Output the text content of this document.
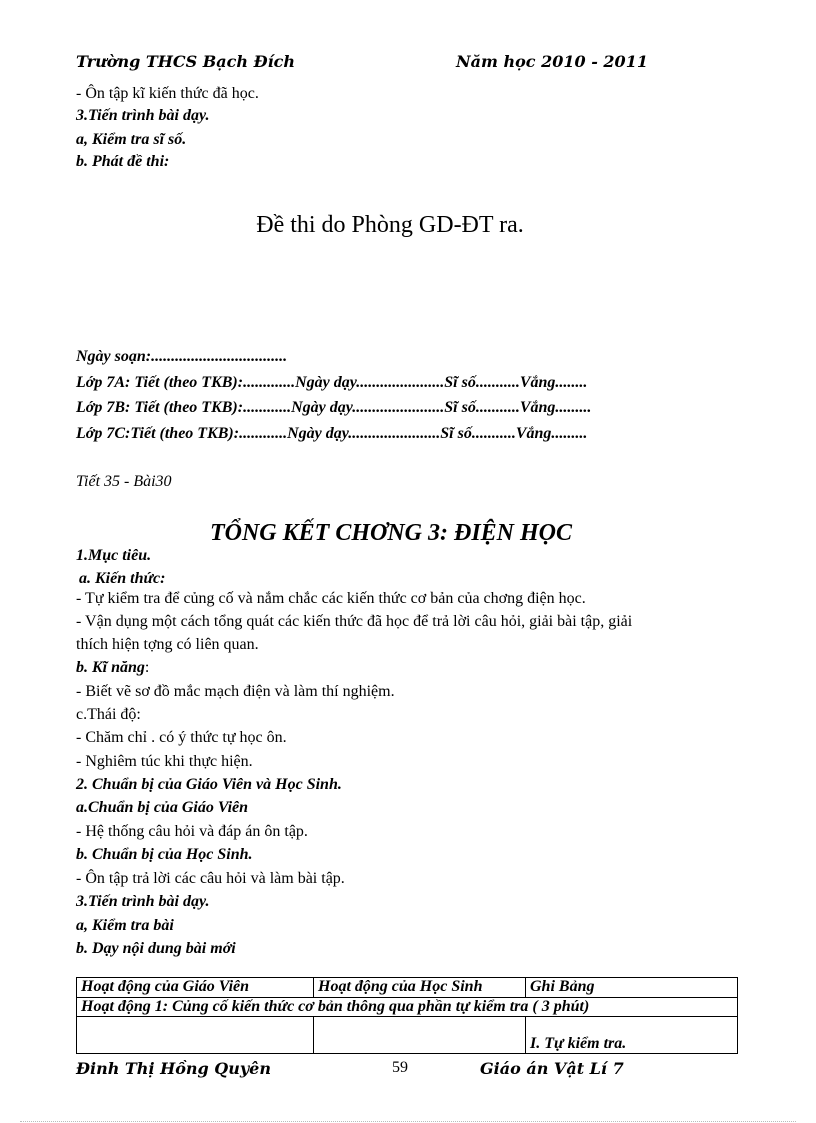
Trường THCS Bạch Đích	Năm học 2010 - 2011
- Ôn tập kĩ kiến thức đã học.
3.Tiến trình bài dạy.
a, Kiểm tra sĩ số.
b. Phát đề thi:
Đề thi do Phòng GD-ĐT ra.
Ngày soạn:..................................
Lớp 7A: Tiết (theo TKB):.............Ngày dạy......................Sĩ số...........Vắng........
Lớp 7B: Tiết (theo TKB):............Ngày dạy.......................Sĩ số...........Vắng.........
Lớp 7C:Tiết (theo TKB):............Ngày dạy.......................Sĩ số...........Vắng.........
Tiết 35 - Bài30
TỔNG KẾT CHƠNG 3: ĐIỆN HỌC
1.Mục tiêu.
a. Kiến thức:
- Tự kiểm tra để củng cố và nắm chắc các kiến thức cơ bản của chơng điện học.
- Vận dụng một cách tổng quát các kiến thức đã học để trả lời câu hỏi, giải bài tập, giải
thích hiện tợng có liên quan.
b. Kĩ năng:
- Biết vẽ sơ đồ mắc mạch điện và làm thí nghiệm.
c.Thái độ:
- Chăm chỉ . có ý thức tự học ôn.
- Nghiêm túc khi thực hiện.
2. Chuẩn bị của Giáo Viên và Học Sinh.
a.Chuẩn bị của Giáo Viên
- Hệ thống câu hỏi và đáp án ôn tập.
b. Chuẩn bị của Học Sinh.
- Ôn tập trả lời các câu hỏi và làm bài tập.
3.Tiến trình bài dạy.
a, Kiểm tra bài
b. Dạy nội dung bài mới
Hoạt động của Giáo Viên	Hoạt động của Học Sinh	Ghi Bảng
Hoạt động 1: Củng cố kiến thức cơ bản thông qua phần tự kiểm tra ( 3 phút)		
		I. Tự kiểm tra.
Đinh Thị Hồng Quyên	59	Giáo án Vật Lí 7
